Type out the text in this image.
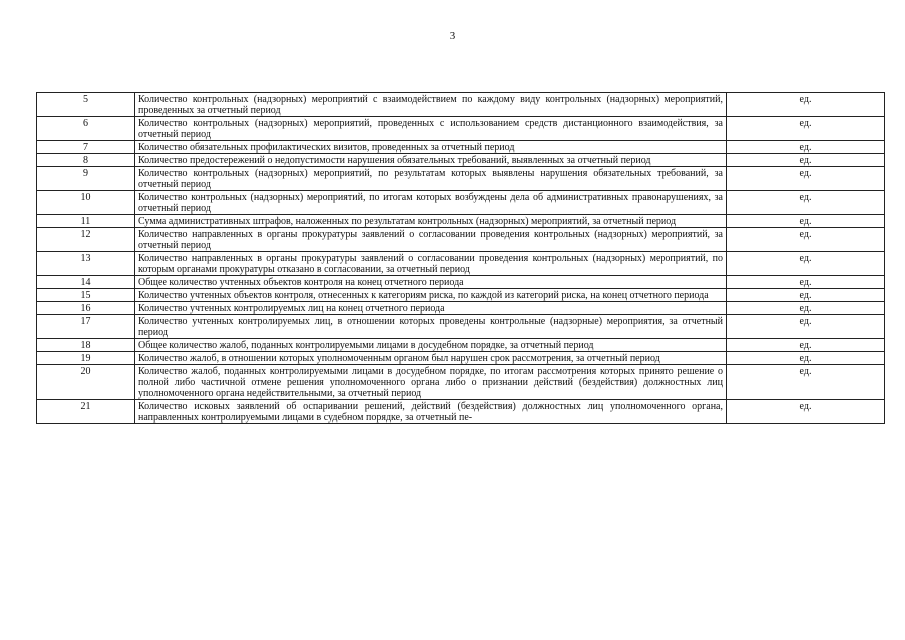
3
5	Количество контрольных (надзорных) мероприятий с взаимодействием по каждому виду контрольных (надзорных) мероприятий, проведенных за отчетный период	ед.
6	Количество контрольных (надзорных) мероприятий, проведенных с использованием средств дистанционного взаимодействия, за отчетный период	ед.
7	Количество обязательных профилактических визитов, проведенных за отчетный период	ед.
8	Количество предостережений о недопустимости нарушения обязательных требований, выявленных за отчетный период	ед.
9	Количество контрольных (надзорных) мероприятий, по результатам которых выявлены нарушения обязательных требований, за отчетный период	ед.
10	Количество контрольных (надзорных) мероприятий, по итогам которых возбуждены дела об административных правонарушениях, за отчетный период	ед.
11	Сумма административных штрафов, наложенных по результатам контрольных (надзорных) мероприятий, за отчетный период	ед.
12	Количество направленных в органы прокуратуры заявлений о согласовании проведения контрольных (надзорных) мероприятий, за отчетный период	ед.
13	Количество направленных в органы прокуратуры заявлений о согласовании проведения контрольных (надзорных) мероприятий, по которым органами прокуратуры отказано в согласовании, за отчетный период	ед.
14	Общее количество учтенных объектов контроля на конец отчетного периода	ед.
15	Количество учтенных объектов контроля, отнесенных к категориям риска, по каждой из категорий риска, на конец отчетного периода	ед.
16	Количество учтенных контролируемых лиц на конец отчетного периода	ед.
17	Количество учтенных контролируемых лиц, в отношении которых проведены контрольные (надзорные) мероприятия, за отчетный период	ед.
18	Общее количество жалоб, поданных контролируемыми лицами в досудебном порядке, за отчетный период	ед.
19	Количество жалоб, в отношении которых уполномоченным органом был нарушен срок рассмотрения, за отчетный период	ед.
20	Количество жалоб, поданных контролируемыми лицами в досудебном порядке, по итогам рассмотрения которых принято решение о полной либо частичной отмене решения уполномоченного органа либо о признании действий (бездействия) должностных лиц уполномоченного органа недействительными, за отчетный период	ед.
21	Количество исковых заявлений об оспаривании решений, действий (бездействия) должностных лиц уполномоченного органа, направленных контролируемыми лицами в судебном порядке, за отчетный пе-	ед.
